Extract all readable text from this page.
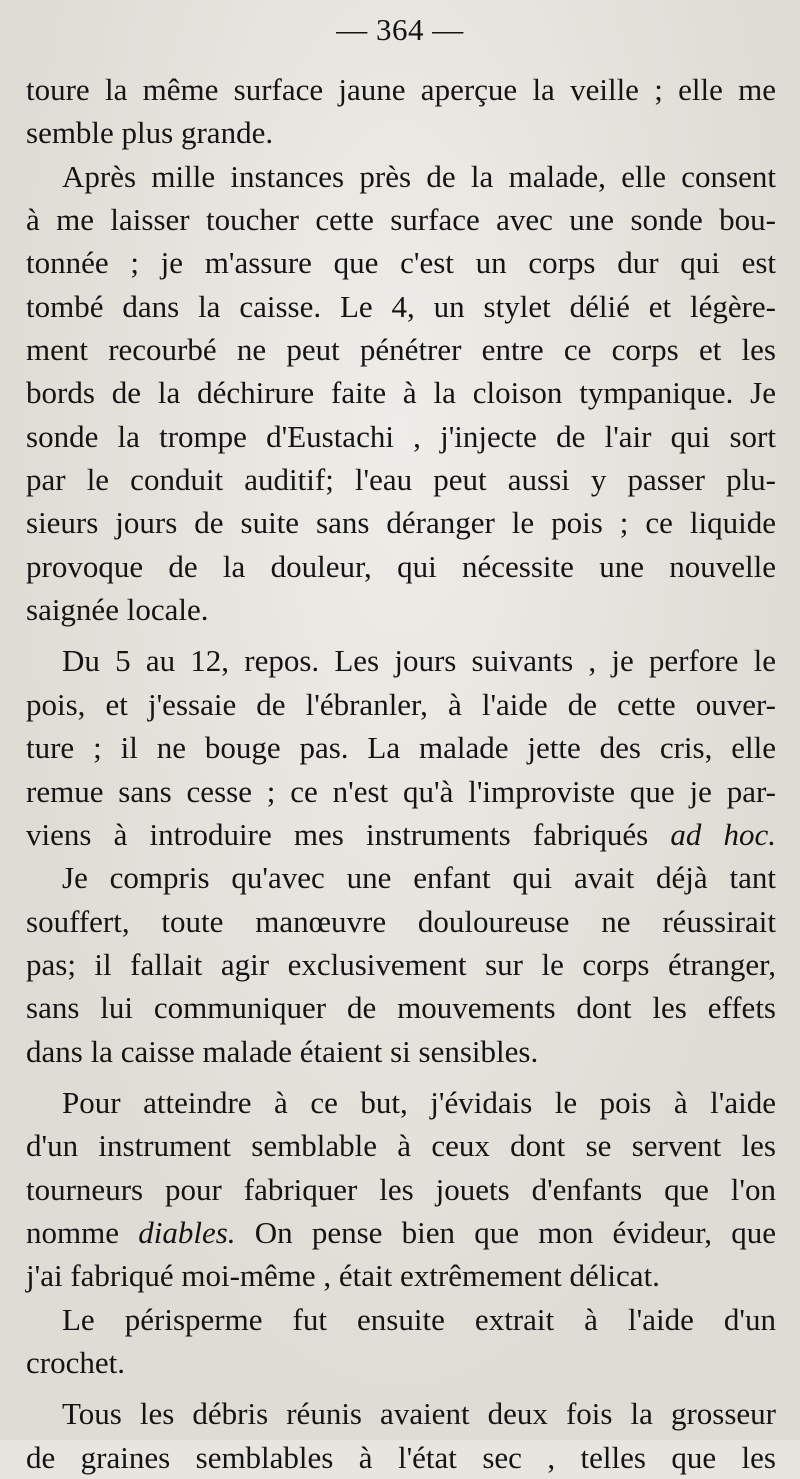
— 364 —
toure la même surface jaune aperçue la veille ; elle me
semble plus grande.
Après mille instances près de la malade, elle consent
à me laisser toucher cette surface avec une sonde bou-
tonnée ; je m'assure que c'est un corps dur qui est
tombé dans la caisse. Le 4, un stylet délié et légère-
ment recourbé ne peut pénétrer entre ce corps et les
bords de la déchirure faite à la cloison tympanique. Je
sonde la trompe d'Eustachi , j'injecte de l'air qui sort
par le conduit auditif; l'eau peut aussi y passer plu-
sieurs jours de suite sans déranger le pois ; ce liquide
provoque de la douleur, qui nécessite une nouvelle
saignée locale.
Du 5 au 12, repos. Les jours suivants , je perfore le
pois, et j'essaie de l'ébranler, à l'aide de cette ouver-
ture ; il ne bouge pas. La malade jette des cris, elle
remue sans cesse ; ce n'est qu'à l'improviste que je par-
viens à introduire mes instruments fabriqués ad hoc.
Je compris qu'avec une enfant qui avait déjà tant
souffert, toute manœuvre douloureuse ne réussirait
pas; il fallait agir exclusivement sur le corps étranger,
sans lui communiquer de mouvements dont les effets
dans la caisse malade étaient si sensibles.
Pour atteindre à ce but, j'évidais le pois à l'aide
d'un instrument semblable à ceux dont se servent les
tourneurs pour fabriquer les jouets d'enfants que l'on
nomme diables. On pense bien que mon évideur, que
j'ai fabriqué moi-même , était extrêmement délicat.
Le périsperme fut ensuite extrait à l'aide d'un
crochet.
Tous les débris réunis avaient deux fois la grosseur
de graines semblables à l'état sec , telles que les
